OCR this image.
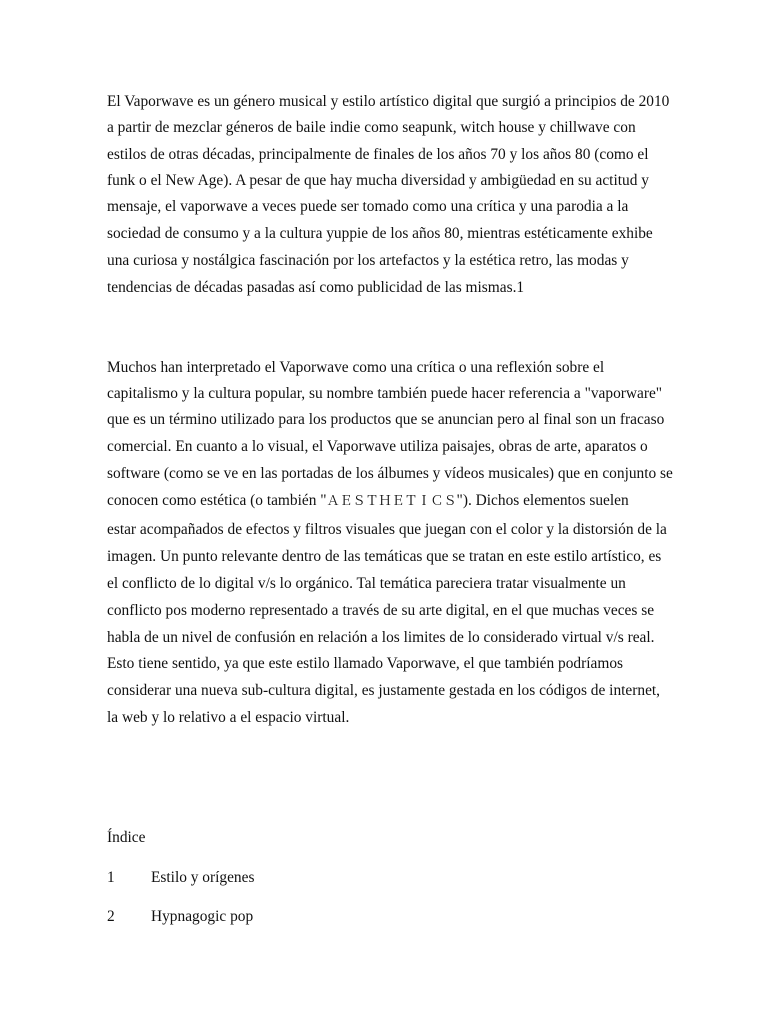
El Vaporwave es un género musical y estilo artístico digital que surgió a principios de 2010
a partir de mezclar géneros de baile indie como seapunk, witch house y chillwave con
estilos de otras décadas, principalmente de finales de los años 70 y los años 80 (como el
funk o el New Age). A pesar de que hay mucha diversidad y ambigüedad en su actitud y
mensaje, el vaporwave a veces puede ser tomado como una crítica y una parodia a la
sociedad de consumo y a la cultura yuppie de los años 80, mientras estéticamente exhibe
una curiosa y nostálgica fascinación por los artefactos y la estética retro, las modas y
tendencias de décadas pasadas así como publicidad de las mismas.1
Muchos han interpretado el Vaporwave como una crítica o una reflexión sobre el
capitalismo y la cultura popular, su nombre también puede hacer referencia a "vaporware"
que es un término utilizado para los productos que se anuncian pero al final son un fracaso
comercial. En cuanto a lo visual, el Vaporwave utiliza paisajes, obras de arte, aparatos o
software (como se ve en las portadas de los álbumes y vídeos musicales) que en conjunto se
conocen como estética (o también "ＡＥＳＴＨＥＴＩＣＳ"). Dichos elementos suelen
estar acompañados de efectos y filtros visuales que juegan con el color y la distorsión de la
imagen. Un punto relevante dentro de las temáticas que se tratan en este estilo artístico, es
el conflicto de lo digital v/s lo orgánico. Tal temática pareciera tratar visualmente un
conflicto pos moderno representado a través de su arte digital, en el que muchas veces se
habla de un nivel de confusión en relación a los limites de lo considerado virtual v/s real.
Esto tiene sentido, ya que este estilo llamado Vaporwave, el que también podríamos
considerar una nueva sub-cultura digital, es justamente gestada en los códigos de internet,
la web y lo relativo a el espacio virtual.
Índice
1 Estilo y orígenes
2 Hypnagogic pop
